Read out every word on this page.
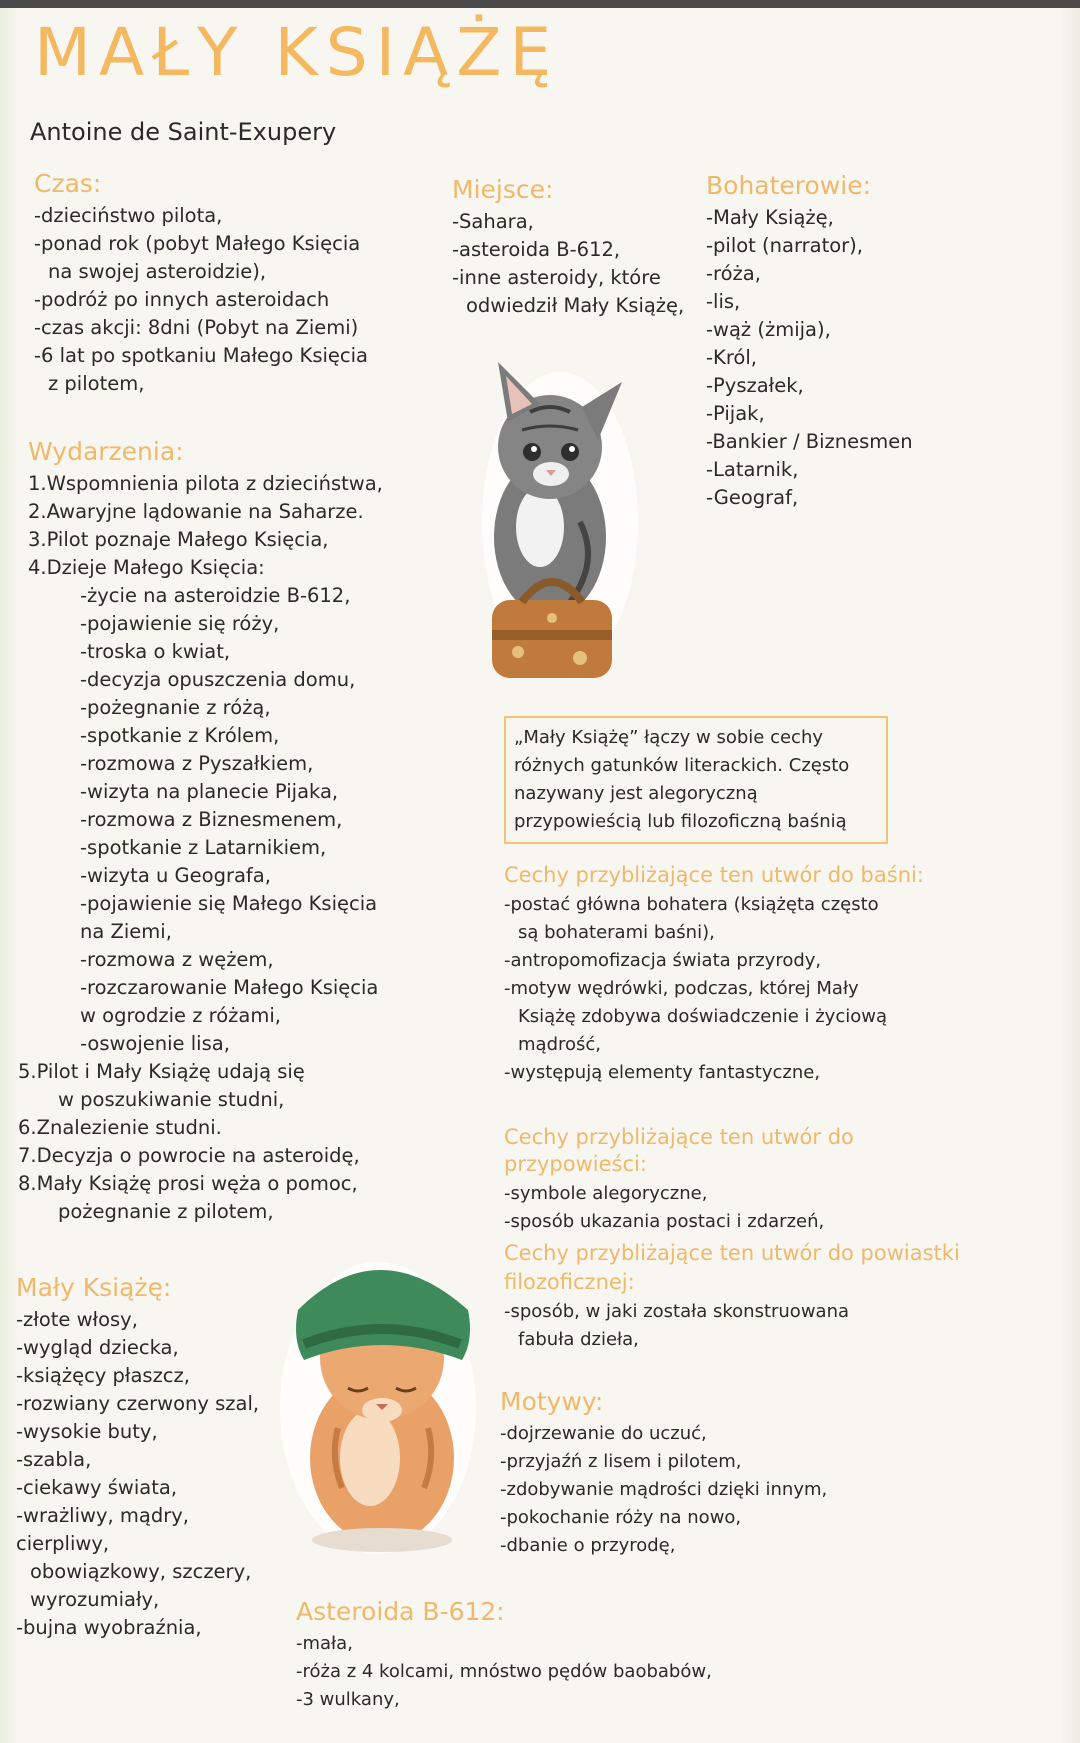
MAŁY KSIĄŻĘ
Antoine de Saint-Exupery
Czas:
-dzieciństwo pilota,
-ponad rok (pobyt Małego Księcia
na swojej asteroidzie),
-podróż po innych asteroidach
-czas akcji: 8dni (Pobyt na Ziemi)
-6 lat po spotkaniu Małego Księcia
z pilotem,
Miejsce:
-Sahara,
-asteroida B-612,
-inne asteroidy, które
odwiedził Mały Książę,
Bohaterowie:
-Mały Książę,
-pilot (narrator),
-róża,
-lis,
-wąż (żmija),
-Król,
-Pyszałek,
-Pijak,
-Bankier / Biznesmen
-Latarnik,
-Geograf,
„Mały Książę” łączy w sobie cechy różnych gatunków literackich. Często nazywany jest alegoryczną przypowieścią lub filozoficzną baśnią
Wydarzenia:
1.Wspomnienia pilota z dzieciństwa,
2.Awaryjne lądowanie na Saharze.
3.Pilot poznaje Małego Księcia,
4.Dzieje Małego Księcia:
-życie na asteroidzie B-612,
-pojawienie się róży,
-troska o kwiat,
-decyzja opuszczenia domu,
-pożegnanie z różą,
-spotkanie z Królem,
-rozmowa z Pyszałkiem,
-wizyta na planecie Pijaka,
-rozmowa z Biznesmenem,
-spotkanie z Latarnikiem,
-wizyta u Geografa,
-pojawienie się Małego Księcia
na Ziemi,
-rozmowa z wężem,
-rozczarowanie Małego Księcia
w ogrodzie z różami,
-oswojenie lisa,
5.Pilot i Mały Książę udają się
w poszukiwanie studni,
6.Znalezienie studni.
7.Decyzja o powrocie na asteroidę,
8.Mały Książę prosi węża o pomoc,
pożegnanie z pilotem,
Cechy przybliżające ten utwór do baśni:
-postać główna bohatera (książęta często
są bohaterami baśni),
-antropomofizacja świata przyrody,
-motyw wędrówki, podczas, której Mały
Książę zdobywa doświadczenie i życiową
mądrość,
-występują elementy fantastyczne,
Cechy przybliżające ten utwór do przypowieści:
-symbole alegoryczne,
-sposób ukazania postaci i zdarzeń,
Cechy przybliżające ten utwór do powiastki
filozoficznej:
-sposób, w jaki została skonstruowana
fabuła dzieła,
Motywy:
-dojrzewanie do uczuć,
-przyjaźń z lisem i pilotem,
-zdobywanie mądrości dzięki innym,
-pokochanie róży na nowo,
-dbanie o przyrodę,
Mały Książę:
-złote włosy,
-wygląd dziecka,
-książęcy płaszcz,
-rozwiany czerwony szal,
-wysokie buty,
-szabla,
-ciekawy świata,
-wrażliwy, mądry, cierpliwy,
obowiązkowy, szczery,
wyrozumiały,
-bujna wyobraźnia,
Asteroida B-612:
-mała,
-róża z 4 kolcami, mnóstwo pędów baobabów,
-3 wulkany,
